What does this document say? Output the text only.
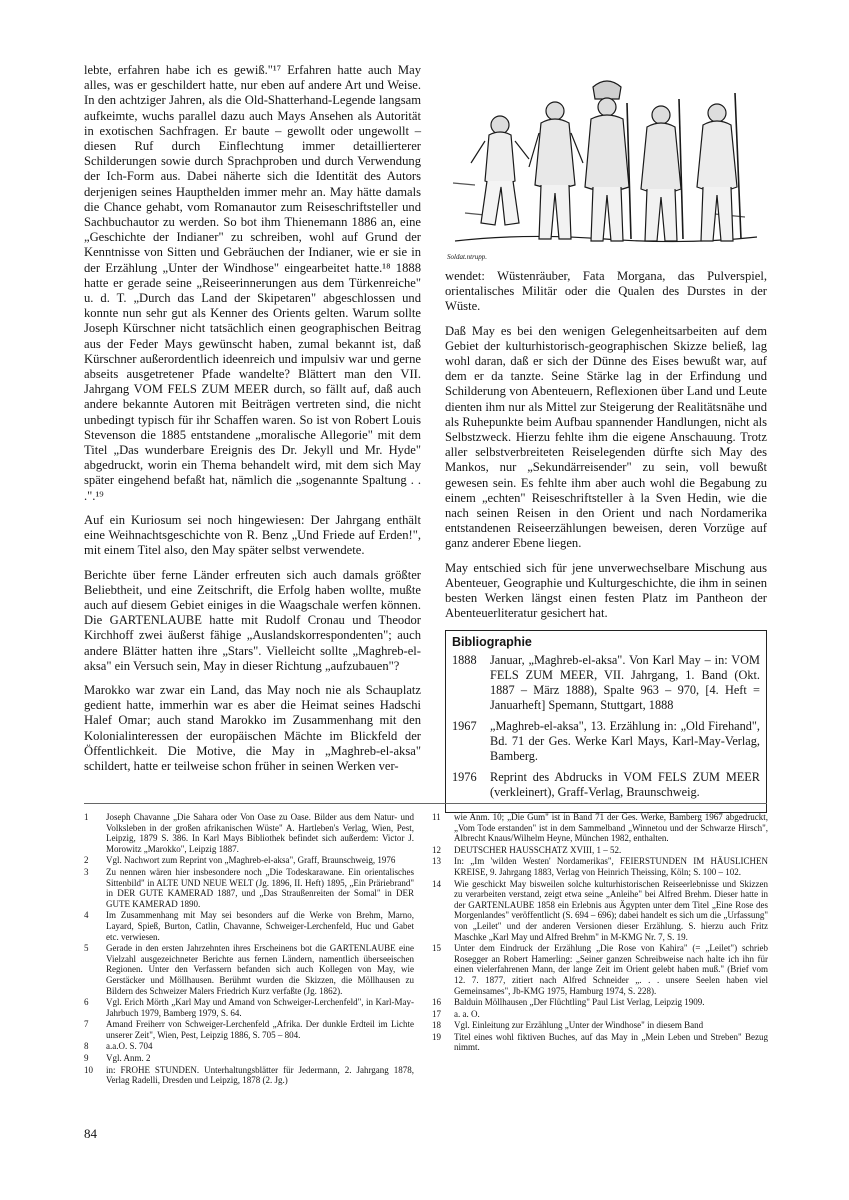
lebte, erfahren habe ich es gewiß."¹⁷ Erfahren hatte auch May alles, was er geschildert hatte, nur eben auf andere Art und Weise. In den achtziger Jahren, als die Old-Shatterhand-Legende langsam aufkeimte, wuchs parallel dazu auch Mays Ansehen als Autorität in exotischen Sachfragen. Er baute – gewollt oder ungewollt – diesen Ruf durch Einflechtung immer detaillierterer Schilderungen sowie durch Sprachproben und durch Verwendung der Ich-Form aus. Dabei näherte sich die Identität des Autors derjenigen seines Haupthelden immer mehr an. May hätte damals die Chance gehabt, vom Romanautor zum Reiseschriftsteller und Sachbuchautor zu werden. So bot ihm Thienemann 1886 an, eine „Geschichte der Indianer" zu schreiben, wohl auf Grund der Kenntnisse von Sitten und Gebräuchen der Indianer, wie er sie in der Erzählung „Unter der Windhose" eingearbeitet hatte.¹⁸ 1888 hatte er gerade seine „Reiseerinnerungen aus dem Türkenreiche" u. d. T. „Durch das Land der Skipetaren" abgeschlossen und konnte nun sehr gut als Kenner des Orients gelten. Warum sollte Joseph Kürschner nicht tatsächlich einen geographischen Beitrag aus der Feder Mays gewünscht haben, zumal bekannt ist, daß Kürschner außerordentlich ideenreich und impulsiv war und gerne abseits ausgetretener Pfade wandelte? Blättert man den VII. Jahrgang VOM FELS ZUM MEER durch, so fällt auf, daß auch andere bekannte Autoren mit Beiträgen vertreten sind, die nicht unbedingt typisch für ihr Schaffen waren. So ist von Robert Louis Stevenson die 1885 entstandene „moralische Allegorie" mit dem Titel „Das wunderbare Ereignis des Dr. Jekyll und Mr. Hyde" abgedruckt, worin ein Thema behandelt wird, mit dem sich May später eingehend befaßt hat, nämlich die „sogenannte Spaltung . . .".¹⁹

Auf ein Kuriosum sei noch hingewiesen: Der Jahrgang enthält eine Weihnachtsgeschichte von R. Benz „Und Friede auf Erden!", mit einem Titel also, den May später selbst verwendete.

Berichte über ferne Länder erfreuten sich auch damals größter Beliebtheit, und eine Zeitschrift, die Erfolg haben wollte, mußte auch auf diesem Gebiet einiges in die Waagschale werfen können. Die GARTENLAUBE hatte mit Rudolf Cronau und Theodor Kirchhoff zwei äußerst fähige „Auslandskorrespondenten"; auch andere Blätter hatten ihre „Stars". Vielleicht sollte „Maghreb-el-aksa" ein Versuch sein, May in dieser Richtung „aufzubauen"?

Marokko war zwar ein Land, das May noch nie als Schauplatz gedient hatte, immerhin war es aber die Heimat seines Hadschi Halef Omar; auch stand Marokko im Zusammenhang mit den Kolonialinteressen der europäischen Mächte im Blickfeld der Öffentlichkeit. Die Motive, die May in „Maghreb-el-aksa" schildert, hatte er teilweise schon früher in seinen Werken ver-

Soldat.ntrupp.

wendet: Wüstenräuber, Fata Morgana, das Pulverspiel, orientalisches Militär oder die Qualen des Durstes in der Wüste.

Daß May es bei den wenigen Gelegenheitsarbeiten auf dem Gebiet der kulturhistorisch-geographischen Skizze beließ, lag wohl daran, daß er sich der Dünne des Eises bewußt war, auf dem er da tanzte. Seine Stärke lag in der Erfindung und Schilderung von Abenteuern, Reflexionen über Land und Leute dienten ihm nur als Mittel zur Steigerung der Realitätsnähe und als Ruhepunkte beim Aufbau spannender Handlungen, nicht als Selbstzweck. Hierzu fehlte ihm die eigene Anschauung. Trotz aller selbstverbreiteten Reiselegenden dürfte sich May des Mankos, nur „Sekundärreisender" zu sein, voll bewußt gewesen sein. Es fehlte ihm aber auch wohl die Begabung zu einem „echten" Reiseschriftsteller à la Sven Hedin, wie die nach seinen Reisen in den Orient und nach Nordamerika entstandenen Reiseerzählungen beweisen, deren Vorzüge auf ganz anderer Ebene liegen.

May entschied sich für jene unverwechselbare Mischung aus Abenteuer, Geographie und Kulturgeschichte, die ihm in seinen besten Werken längst einen festen Platz im Pantheon der Abenteuerliteratur gesichert hat.

Bibliographie
1888	Januar, „Maghreb-el-aksa". Von Karl May – in: VOM FELS ZUM MEER, VII. Jahrgang, 1. Band (Okt. 1887 – März 1888), Spalte 963 – 970, [4. Heft = Januarheft] Spemann, Stuttgart, 1888
1967	„Maghreb-el-aksa", 13. Erzählung in: „Old Firehand", Bd. 71 der Ges. Werke Karl Mays, Karl-May-Verlag, Bamberg.
1976	Reprint des Abdrucks in VOM FELS ZUM MEER (verkleinert), Graff-Verlag, Braunschweig.
1	Joseph Chavanne „Die Sahara oder Von Oase zu Oase. Bilder aus dem Natur- und Volksleben in der großen afrikanischen Wüste" A. Hartleben's Verlag, Wien, Pest, Leipzig, 1879 S. 386. In Karl Mays Bibliothek befindet sich außerdem: Victor J. Morowitz „Marokko", Leipzig 1887.
2	Vgl. Nachwort zum Reprint von „Maghreb-el-aksa", Graff, Braunschweig, 1976
3	Zu nennen wären hier insbesondere noch „Die Todeskarawane. Ein orientalisches Sittenbild" in ALTE UND NEUE WELT (Jg. 1896, II. Heft) 1895, „Ein Präriebrand" in DER GUTE KAMERAD 1887, und „Das Straußenreiten der Somal" in DER GUTE KAMERAD 1890.
4	Im Zusammenhang mit May sei besonders auf die Werke von Brehm, Marno, Layard, Spieß, Burton, Catlin, Chavanne, Schweiger-Lerchenfeld, Huc und Gabet etc. verwiesen.
5	Gerade in den ersten Jahrzehnten ihres Erscheinens bot die GARTENLAUBE eine Vielzahl ausgezeichneter Berichte aus fernen Ländern, namentlich überseeischen Regionen. Unter den Verfassern befanden sich auch Kollegen von May, wie Gerstäcker und Möllhausen. Berühmt wurden die Skizzen, die Möllhausen zu Bildern des Schweizer Malers Friedrich Kurz verfaßte (Jg. 1862).
6	Vgl. Erich Mörth „Karl May und Amand von Schweiger-Lerchenfeld", in Karl-May-Jahrbuch 1979, Bamberg 1979, S. 64.
7	Amand Freiherr von Schweiger-Lerchenfeld „Afrika. Der dunkle Erdteil im Lichte unserer Zeit", Wien, Pest, Leipzig 1886, S. 705 – 804.
8	a.a.O. S. 704
9	Vgl. Anm. 2
10	in: FROHE STUNDEN. Unterhaltungsblätter für Jedermann, 2. Jahrgang 1878, Verlag Radelli, Dresden und Leipzig, 1878 (2. Jg.)
11	wie Anm. 10; „Die Gum" ist in Band 71 der Ges. Werke, Bamberg 1967 abgedruckt, „Vom Tode erstanden" ist in dem Sammelband „Winnetou und der Schwarze Hirsch", Albrecht Knaus/Wilhelm Heyne, München 1982, enthalten.
12	DEUTSCHER HAUSSCHATZ XVIII, 1 – 52.
13	In: „Im 'wilden Westen' Nordamerikas", FEIERSTUNDEN IM HÄUSLICHEN KREISE, 9. Jahrgang 1883, Verlag von Heinrich Theissing, Köln; S. 100 – 102.
14	Wie geschickt May bisweilen solche kulturhistorischen Reiseerlebnisse und Skizzen zu verarbeiten verstand, zeigt etwa seine „Anleihe" bei Alfred Brehm. Dieser hatte in der GARTENLAUBE 1858 ein Erlebnis aus Ägypten unter dem Titel „Eine Rose des Morgenlandes" veröffentlicht (S. 694 – 696); dabei handelt es sich um die „Urfassung" von „Leilet" und der anderen Versionen dieser Erzählung. S. hierzu auch Fritz Maschke „Karl May und Alfred Brehm" in M-KMG Nr. 7, S. 19.
15	Unter dem Eindruck der Erzählung „Die Rose von Kahira" (= „Leilet") schrieb Rosegger an Robert Hamerling: „Seiner ganzen Schreibweise nach halte ich ihn für einen vielerfahrenen Mann, der lange Zeit im Orient gelebt haben muß." (Brief vom 12. 7. 1877, zitiert nach Alfred Schneider „. . . unsere Seelen haben viel Gemeinsames", Jb-KMG 1975, Hamburg 1974, S. 228).
16	Balduin Möllhausen „Der Flüchtling" Paul List Verlag, Leipzig 1909.
17	a. a. O.
18	Vgl. Einleitung zur Erzählung „Unter der Windhose" in diesem Band
19	Titel eines wohl fiktiven Buches, auf das May in „Mein Leben und Streben" Bezug nimmt.
84
